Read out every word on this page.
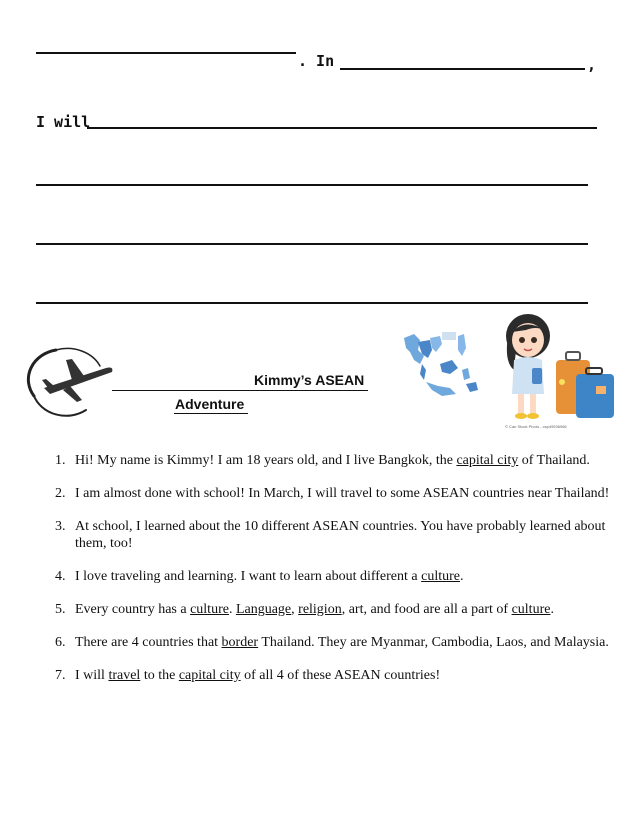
. In	,
I will
Kimmy’s ASEAN
Adventure
© Can Stock Photo - csp49936966
1. Hi! My name is Kimmy! I am 18 years old, and I live Bangkok, the capital city of Thailand.
2. I am almost done with school! In March, I will travel to some ASEAN countries near Thailand!
3. At school, I learned about the 10 different ASEAN countries. You have probably learned about them, too!
4. I love traveling and learning. I want to learn about different a culture.
5. Every country has a culture. Language, religion, art, and food are all a part of culture.
6. There are 4 countries that border Thailand. They are Myanmar, Cambodia, Laos, and Malaysia.
7. I will travel to the capital city of all 4 of these ASEAN countries!
